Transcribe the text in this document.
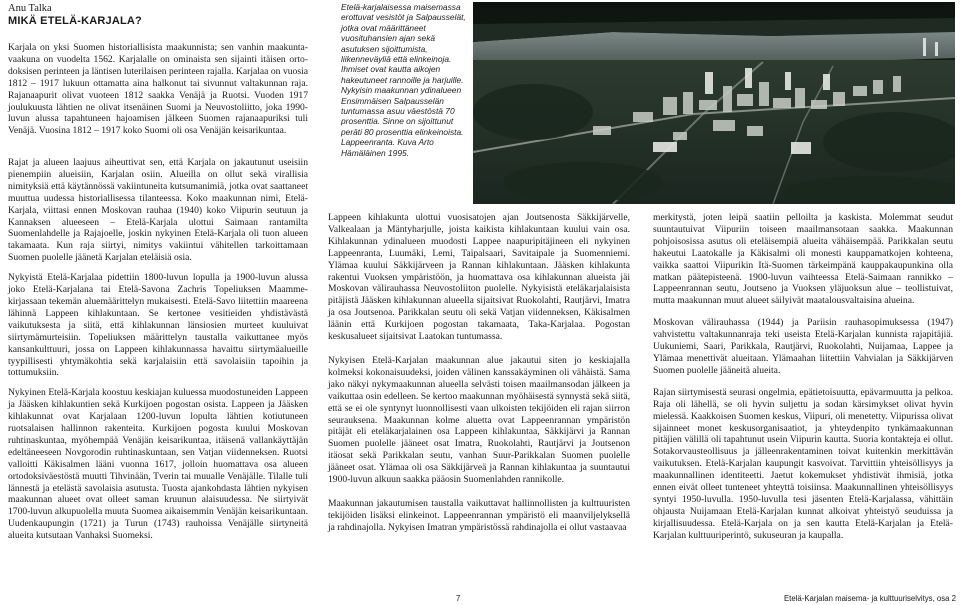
Anu Talka
MIKÄ ETELÄ-KARJALA?

Karjala on yksi Suomen historiallisista maakunnista; sen vanhin maakunta-vaakuna on vuodelta 1562. Karjalalle on ominaista sen sijainti itäisen orto-doksisen perinteen ja läntisen luterilaisen perinteen rajalla. Karjalaa on vuosia 1812 – 1917 lukuun ottamatta aina halkonut tai sivunnut valtakunnan raja. Rajanaapurit olivat vuoteen 1812 saakka Venäjä ja Ruotsi. Vuoden 1917 joulukuusta lähtien ne olivat itsenäinen Suomi ja Neuvostoliitto, joka 1990-luvun alussa tapahtuneen hajoamisen jälkeen Suomen rajanaapuriksi tuli Venäjä. Vuosina 1812 – 1917 koko Suomi oli osa Venäjän keisarikuntaa.

Etelä-karjalaisessa maisemassa erottuvat vesistöt ja Salpausselät, jotka ovat määrittäneet vuosituhansien ajan sekä asutuksen sijoittumista, liikenneväyliä että elinkeinoja. Ihmiset ovat kautta aikojen hakeutuneet rannoille ja harjuille. Nykyisin maakunnan ydinalueen Ensimmäisen Salpausselän tuntumassa asuu väestöstä 70 prosenttia. Sinne on sijoittunut peräti 80 prosenttia elinkeinoista. Lappeenranta. Kuva Arto Hämäläinen 1995.

Rajat ja alueen laajuus aiheuttivat sen, että Karjala on jakautunut useisiin pienempiin alueisiin, Karjalan osiin. Alueilla on ollut sekä virallisia nimityksiä että käytännössä vakiintuneita kutsumanimiä, jotka ovat saattaneet muuttua uudessa historiallisessa tilanteessa. Koko maakunnan nimi, Etelä-Karjala, viittasi ennen Moskovan rauhaa (1940) koko Viipurin seutuun ja Kannaksen alueeseen – Etelä-Karjala ulottui Saimaan rantamilta Suomenlahdelle ja Rajajoelle, joskin nykyinen Etelä-Karjala oli tuon alueen takamaata. Kun raja siirtyi, nimitys vakiintui vähitellen tarkoittamaan Suomen puolelle jäänetä Karjalan eteläisiä osia.

Nykyistä Etelä-Karjalaa pidettiin 1800-luvun lopulla ja 1900-luvun alussa joko Etelä-Karjalana tai Etelä-Savona Zachris Topeliuksen Maamme-kirjassaan tekemän aluemäärittelyn mukaisesti. Etelä-Savo liitettiin maareena lähinnä Lappeen kihlakuntaan. Se kertonee vesitieiden yhdistävästä vaikutuksesta ja siitä, että kihlakunnan länsiosien murteet kuuluivat siirtymämurteisiin. Topeliuksen määrittelyn taustalla vaikuttanee myös kansankulttuuri, jossa on Lappeen kihlakunnassa havaittu siirtymäalueille tyypillisesti yhtymäkohtia sekä karjalaisiin että savolaisiin tapoihin ja tottumuksiin.

Nykyinen Etelä-Karjala koostuu keskiajan kuluessa muodostuneiden Lappeen ja Jääsken kihlakuntien sekä Kurkijoen pogostan osista. Lappeen ja Jääsken kihlakunnat ovat Karjalaan 1200-luvun lopulta lähtien kotiutuneen ruotsalaisen hallinnon rakenteita. Kurkijoen pogosta kuului Moskovan ruhtinaskuntaa, myöhempää Venäjän keisarikuntaa, itäisenä vallankäyttäjän edeltäneeseen Novgorodin ruhtinaskuntaan, sen Vatjan viidenneksen. Ruotsi valloitti Käkisalmen lääni vuonna 1617, jolloin huomattava osa alueen ortodoksiväestöstä muutti Tihvinään, Tverin tai muualle Venäjälle. Tilalle tuli lännestä ja etelästä savolaisia asutusta. Tuosta ajankohdasta lähtien nykyisen maakunnan alueet ovat olleet saman kruunun alaisuudessa. Ne siirtyivät 1700-luvun alkupuolella muuta Suomea aikaisemmin Venäjän keisarikuntaan. Uudenkaupungin (1721) ja Turun (1743) rauhoissa Venäjälle siirtyneitä alueita kutsutaan Vanhaksi Suomeksi.

Lappeen kihlakunta ulottui vuosisatojen ajan Joutsenosta Säkkijärvelle, Valkealaan ja Mäntyharjulle, joista kaikista kihlakuntaan kuului vain osa. Kihlakunnan ydinalueen muodosti Lappee naapuripitäjineen eli nykyinen Lappeenranta, Luumäki, Lemi, Taipalsaari, Savitaipale ja Suomenniemi. Ylämaa kuului Säkkijärveen ja Rannan kihlakuntaan. Jääsken kihlakunta rakentui Vuoksen ympäristöön, ja huomattava osa kihlakunnan alueista jäi Moskovan välirauhassa Neuvostoliiton puolelle. Nykyisistä eteläkarjalaisista pitäjistä Jääsken kihlakunnan alueella sijaitsivat Ruokolahti, Rautjärvi, Imatra ja osa Joutsenoa. Parikkalan seutu oli sekä Vatjan viidenneksen, Käkisalmen läänin että Kurkijoen pogostan takamaata, Taka-Karjalaa. Pogostan keskusalueet sijaitsivat Laatokan tuntumassa.

Nykyisen Etelä-Karjalan maakunnan alue jakautui siten jo keskiajalla kolmeksi kokonaisuudeksi, joiden välinen kanssakäyminen oli vähäistä. Sama jako näkyi nykymaakunnan alueella selvästi toisen maailmansodan jälkeen ja vaikuttaa osin edelleen. Se kertoo maakunnan myöhäisestä synnystä sekä siitä, että se ei ole syntynyt luonnollisesti vaan ulkoisten tekijöiden eli rajan siirron seurauksena. Maakunnan kolme aluetta ovat Lappeenrannan ympäristön pitäjät eli eteläkarjalainen osa Lappeen kihlakuntaa, Säkkijärvi ja Rannan Suomen puolelle jääneet osat Imatra, Ruokolahti, Rautjärvi ja Joutsenon itäosat sekä Parikkalan seutu, vanhan Suur-Parikkalan Suomen puolelle jääneet osat. Ylämaa oli osa Säkkijärveä ja Rannan kihlakuntaa ja suuntautui 1900-luvun alkuun saakka pääosin Suomenlahden rannikolle.

Maakunnan jakautumisen taustalla vaikuttavat hallinnollisten ja kulttuuristen tekijöiden lisäksi elinkeinot. Lappeenrannan ympäristö eli maanviljelyksellä ja rahdinajolla. Nykyisen Imatran ympäristössä rahdinajolla ei ollut vastaavaa

merkitystä, joten leipä saatiin pelloilta ja kaskista. Molemmat seudut suuntautuivat Viipuriin toiseen maailmansotaan saakka. Maakunnan pohjoisosissa asutus oli eteläisempiä alueita vähäisempää. Parikkalan seutu hakeutui Laatokalle ja Käkisalmi oli monesti kauppamatkojen kohteena, vaikka saattoi Viipurikin Itä-Suomen tärkeimpänä kauppakaupunkina olla matkan päätepisteenä. 1900-luvun vaihteessa Etelä-Saimaan rannikko – Lappeenrannan seutu, Joutseno ja Vuoksen yläjuoksun alue – teollistuivat, mutta maakunnan muut alueet säilyivät maatalousvaltaisina alueina.

Moskovan välirauhassa (1944) ja Pariisin rauhasopimuksessa (1947) vahvistettu valtakunnanraja teki useista Etelä-Karjalan kunnista rajapitäjiä. Uukuniemi, Saari, Parikkala, Rautjärvi, Ruokolahti, Nuijamaa, Lappee ja Ylämaa menettivät alueitaan. Ylämaahan liitettiin Vahvialan ja Säkkijärven Suomen puolelle jääneitä alueita.

Rajan siirtymisestä seurasi ongelmia, epätietoisuutta, epävarmuutta ja pelkoa. Raja oli lähellä, se oli hyvin suljettu ja sodan kärsimykset olivat hyvin mielessä. Kaakkoisen Suomen keskus, Viipuri, oli menetetty. Viipurissa olivat sijainneet monet keskusorganisaatiot, ja yhteydenpito tynkämaakunnan pitäjien välillä oli tapahtunut usein Viipurin kautta. Suoria kontakteja ei ollut. Sotakorvausteollisuus ja jälleenrakentaminen toivat kuitenkin merkittävän vaikutuksen. Etelä-Karjalan kaupungit kasvoivat. Tarvittiin yhteisöllisyys ja maakunnallinen identiteetti. Jaetut kokemukset yhdistivät ihmisiä, jotka ennen eivät olleet tunteneet yhteyttä toisiinsa. Maakunnallinen yhteisöllisyys syntyi 1950-luvulla. 1950-luvulla tesi jäsenten Etelä-Karjalassa, vähittäin ohjausta Nuijamaan Etelä-Karjalan kunnat alkoivat yhteistyö seuduissa ja kirjallisuudessa. Etelä-Karjala on ja sen kautta Etelä-Karjalan ja Etelä-Karjalan kulttuuriperintö, sukuseuran ja kaupalla.

7	Etelä-Karjalan maisema- ja kulttuuriselvitys, osa 2
